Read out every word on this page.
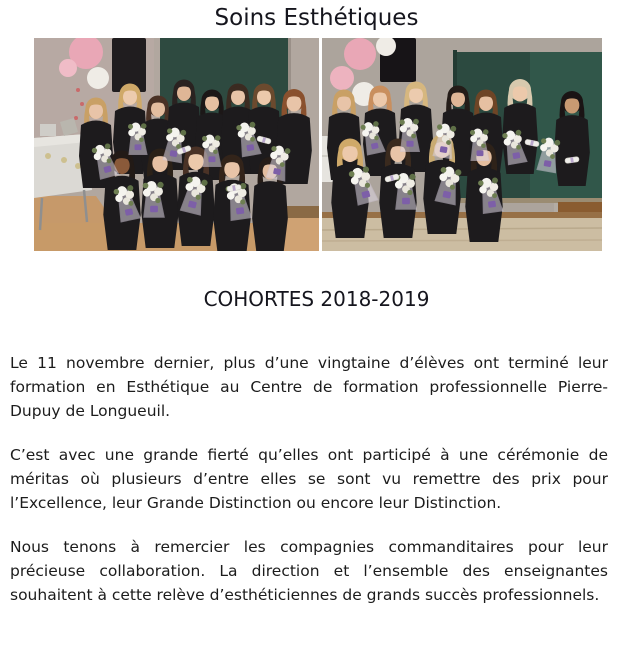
Soins Esthétiques
COHORTES 2018-2019

Le 11 novembre dernier, plus d’une vingtaine d’élèves ont terminé leur formation en Esthétique au Centre de formation professionnelle Pierre-Dupuy de Longueuil.

C’est avec une grande fierté qu’elles ont participé à une cérémonie de méritas où plusieurs d’entre elles se sont vu remettre des prix pour l’Excellence, leur Grande Distinction ou encore leur Distinction.

Nous tenons à remercier les compagnies commanditaires pour leur précieuse collaboration. La direction et l’ensemble des enseignantes souhaitent à cette relève d’esthéticiennes de grands succès professionnels.
